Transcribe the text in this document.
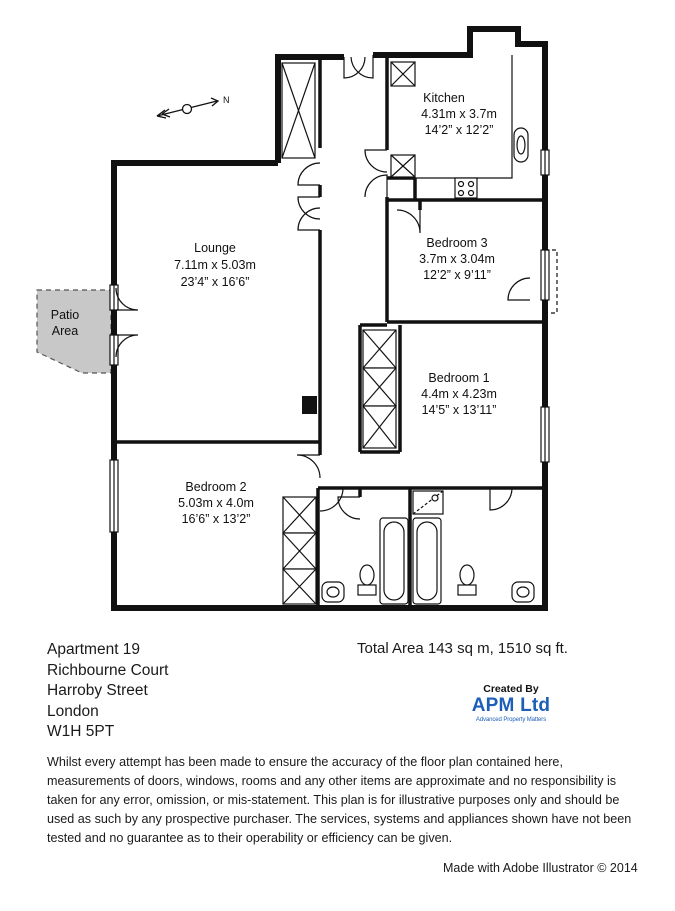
N	Kitchen
4.31m x 3.7m
14’2” x 12’2”
Bedroom 3
3.7m x 3.04m
12’2” x 9’11”
Lounge
7.11m x 5.03m
23’4” x 16’6”
Patio
Area
Bedroom 1
4.4m x 4.23m
14’5” x 13’11”
Bedroom 2
5.03m x 4.0m
16’6” x 13’2”
Apartment 19
Richbourne Court
Harroby Street
London
W1H 5PT
Total Area 143 sq m, 1510 sq ft.
Created By
APM Ltd
Advanced Property Matters
Whilst every attempt has been made to ensure the accuracy of the floor plan contained here, measurements of doors, windows, rooms and any other items are approximate and no responsibility is taken for any error, omission, or mis-statement. This plan is for illustrative purposes only and should be used as such by any prospective purchaser. The services, systems and appliances shown have not been tested and no guarantee as to their operability or efficiency can be given.
Made with Adobe Illustrator © 2014
